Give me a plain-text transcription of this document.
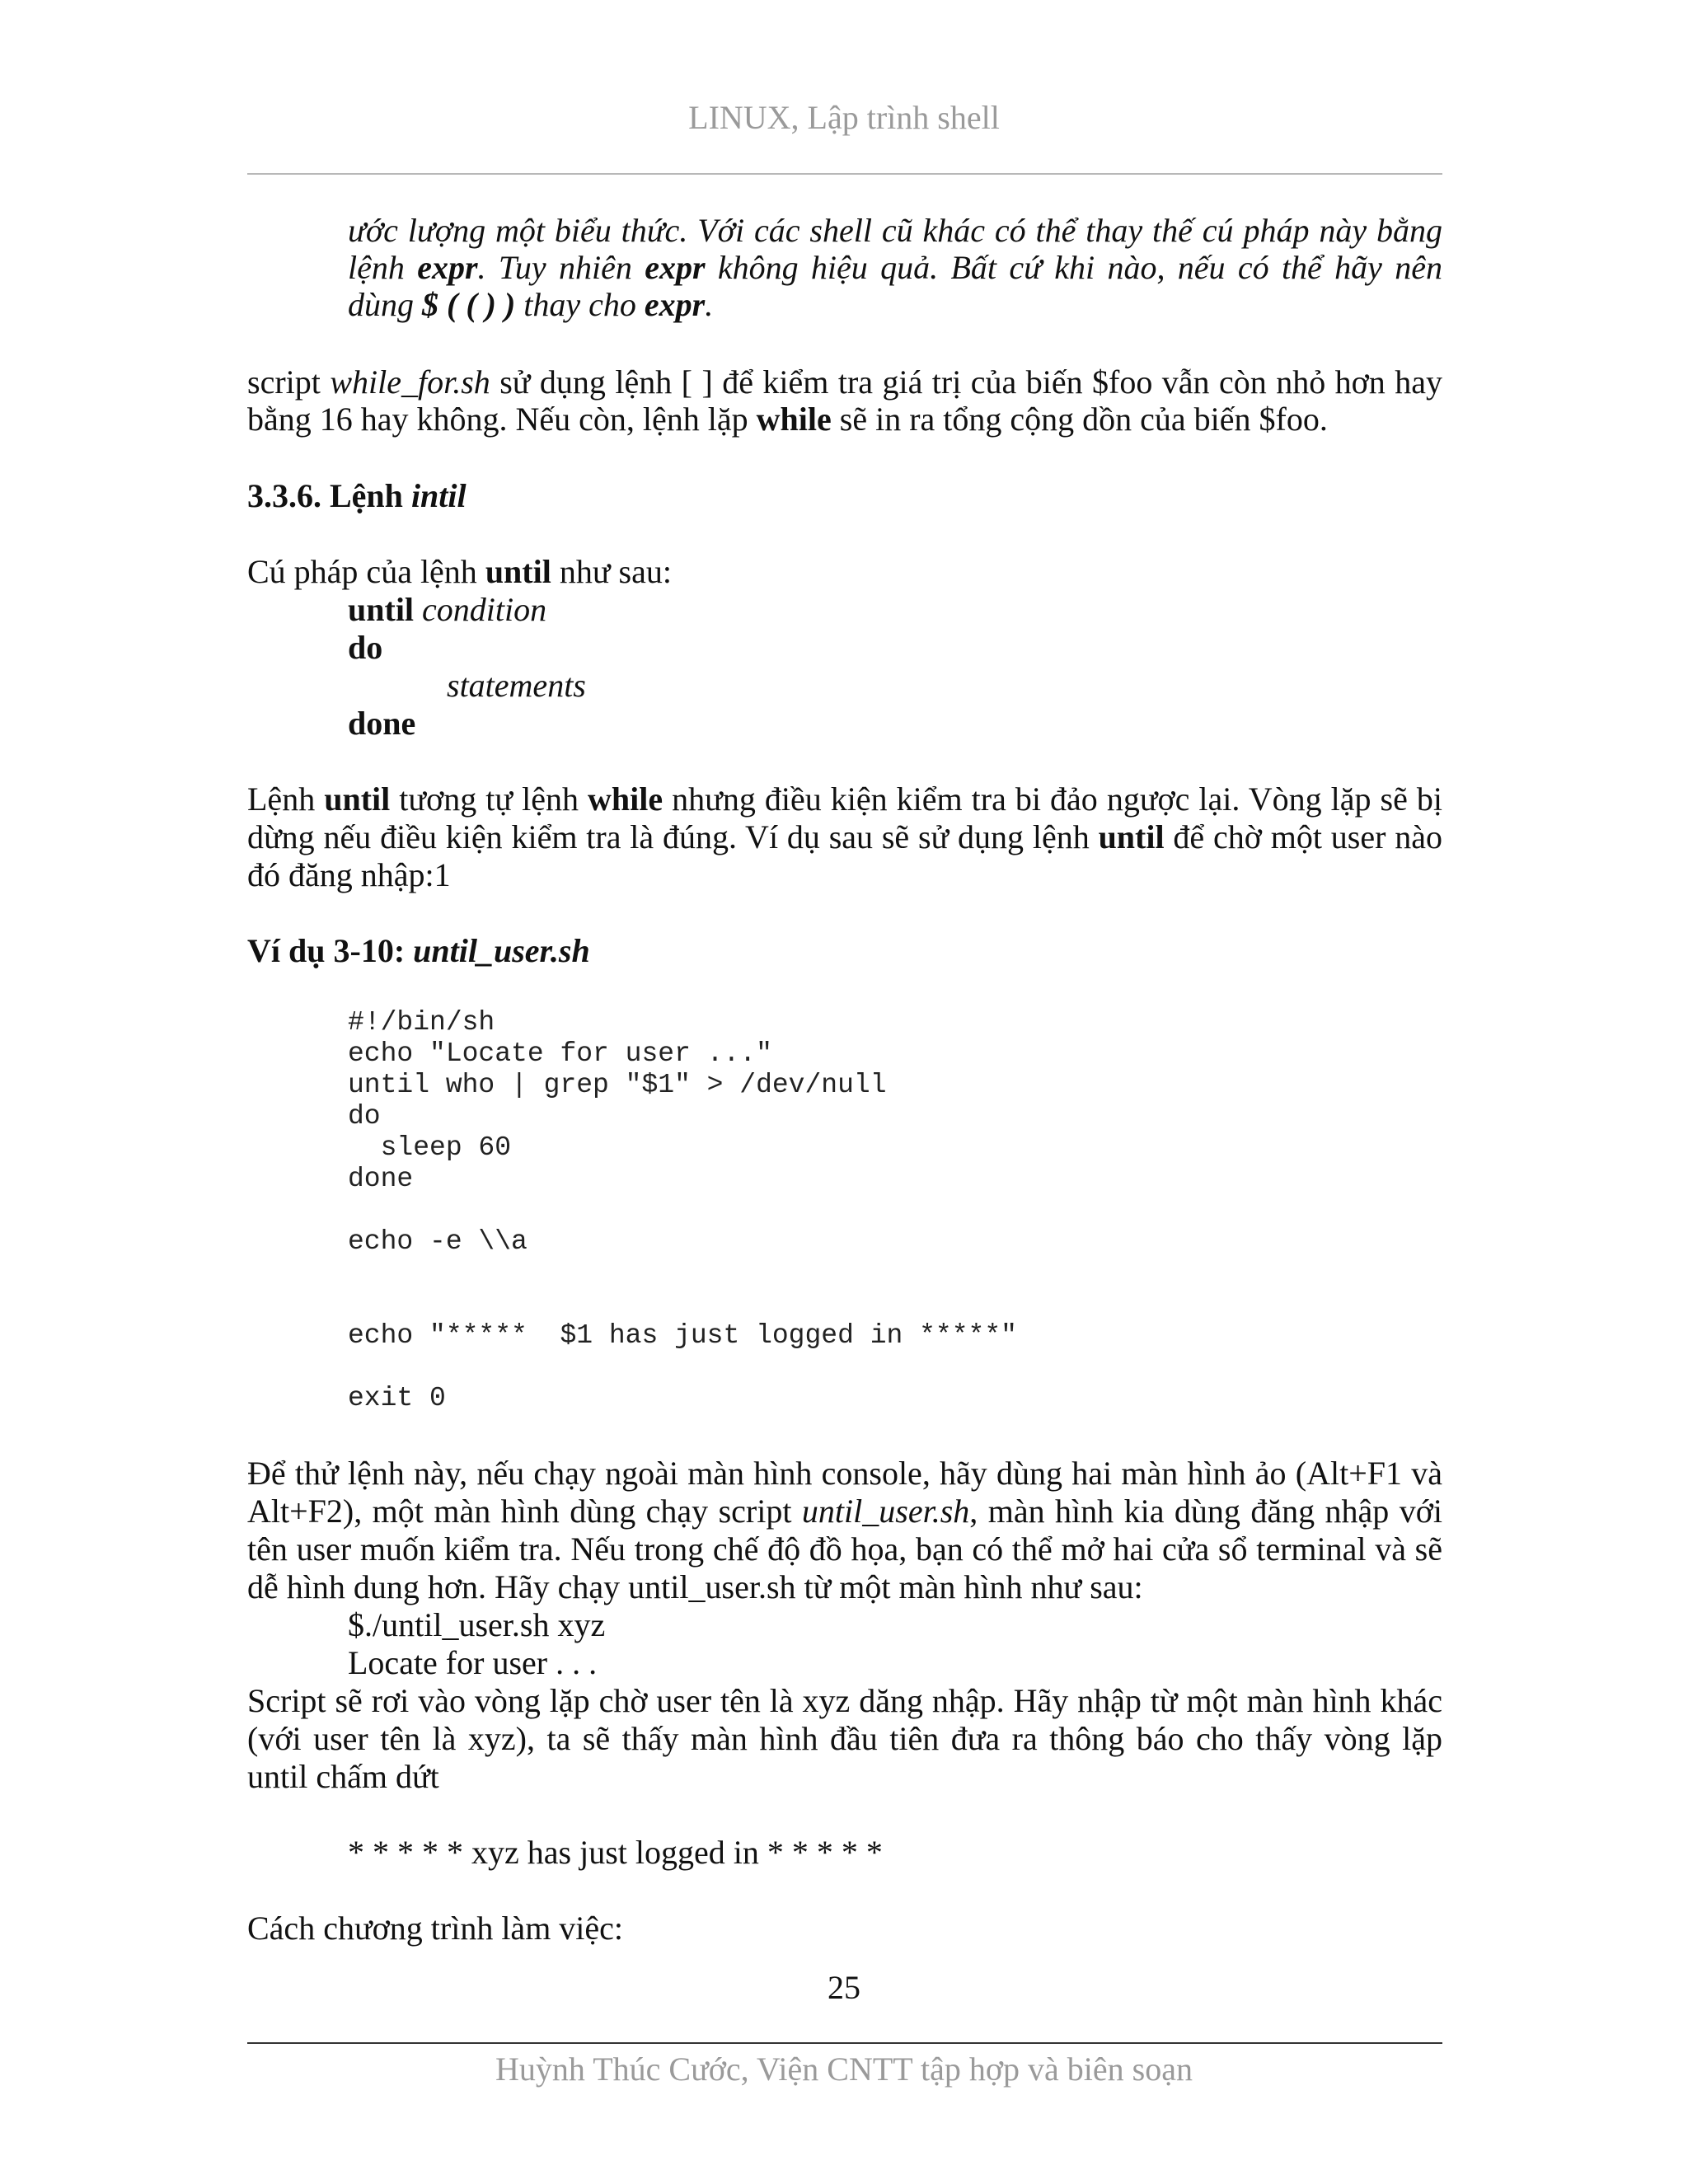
LINUX, Lập trình shell
ước lượng một biểu thức. Với các shell cũ khác có thể thay thế cú pháp này bằng
lệnh expr. Tuy nhiên expr không hiệu quả. Bất cứ khi nào, nếu có thể hãy nên
dùng $ ( ( ) ) thay cho expr.
script while_for.sh sử dụng lệnh [ ] để kiểm tra giá trị của biến $foo vẫn còn nhỏ hơn hay
bằng 16 hay không. Nếu còn, lệnh lặp while sẽ in ra tổng cộng dồn của biến $foo.
3.3.6. Lệnh intil
Cú pháp của lệnh until như sau:
until condition
do
statements
done
Lệnh until tương tự lệnh while nhưng điều kiện kiểm tra bi đảo ngược lại. Vòng lặp sẽ bị
dừng nếu điều kiện kiểm tra là đúng. Ví dụ sau sẽ sử dụng lệnh until để chờ một user nào
đó đăng nhập:1
Ví dụ 3-10: until_user.sh
#!/bin/sh
echo "Locate for user ..."
until who | grep "$1" > /dev/null
do
sleep 60
done
echo -e \\a
echo "*****  $1 has just logged in *****"
exit 0
Để thử lệnh này, nếu chạy ngoài màn hình console, hãy dùng hai màn hình ảo (Alt+F1 và
Alt+F2), một màn hình dùng chạy script until_user.sh, màn hình kia dùng đăng nhập với
tên user muốn kiểm tra. Nếu trong chế độ đồ họa, bạn có thể mở hai cửa sổ terminal và sẽ
dễ hình dung hơn. Hãy chạy until_user.sh từ một màn hình như sau:
$./until_user.sh xyz
Locate for user . . .
Script sẽ rơi vào vòng lặp chờ user tên là xyz dăng nhập. Hãy nhập từ một màn hình khác
(với user tên là xyz), ta sẽ thấy màn hình đầu tiên đưa ra thông báo cho thấy vòng lặp
until chấm dứt
* * * * * xyz has just logged in * * * * *
Cách chương trình làm việc:
25
Huỳnh Thúc Cước, Viện CNTT tập hợp và biên soạn
